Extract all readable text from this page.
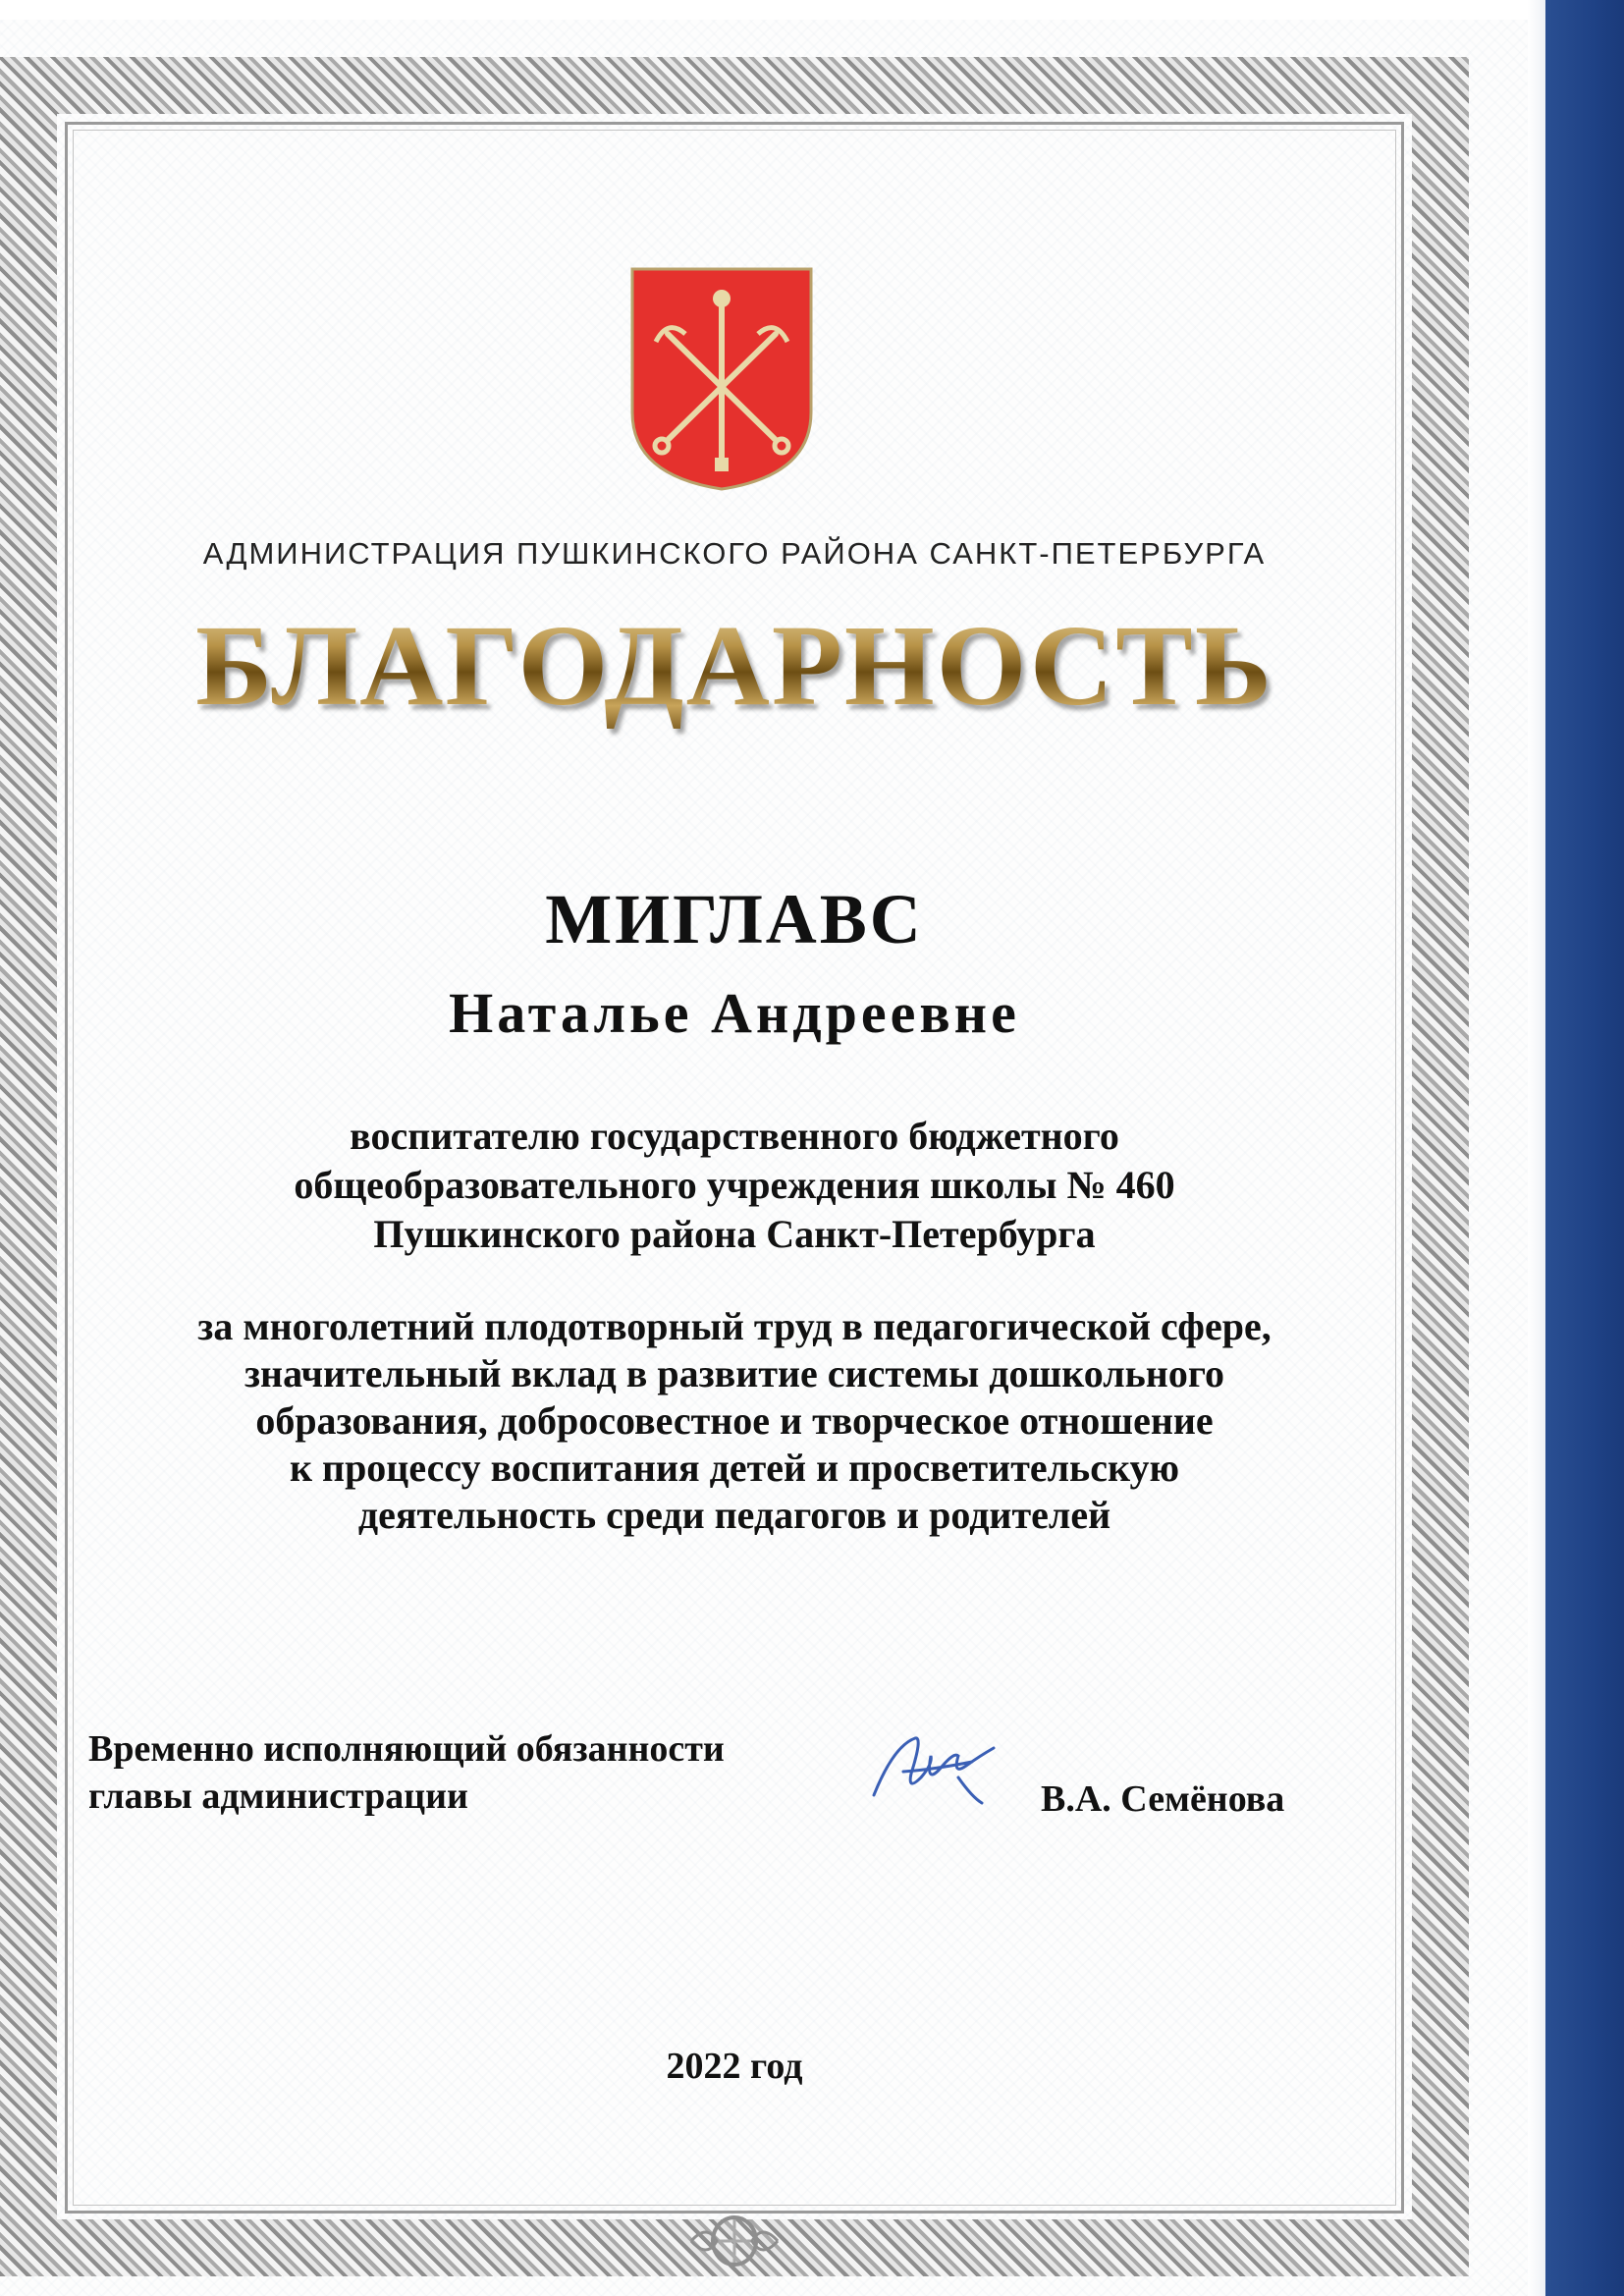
АДМИНИСТРАЦИЯ ПУШКИНСКОГО РАЙОНА САНКТ-ПЕТЕРБУРГА
БЛАГОДАРНОСТЬ
МИГЛАВС
Наталье Андреевне
воспитателю государственного бюджетного
общеобразовательного учреждения школы № 460
Пушкинского района Санкт-Петербурга
за многолетний плодотворный труд в педагогической сфере,
значительный вклад в развитие системы дошкольного
образования, добросовестное и творческое отношение
к процессу воспитания детей и просветительскую
деятельность среди педагогов и родителей
Временно исполняющий обязанности
главы администрации	В.А. Семёнова
2022 год
